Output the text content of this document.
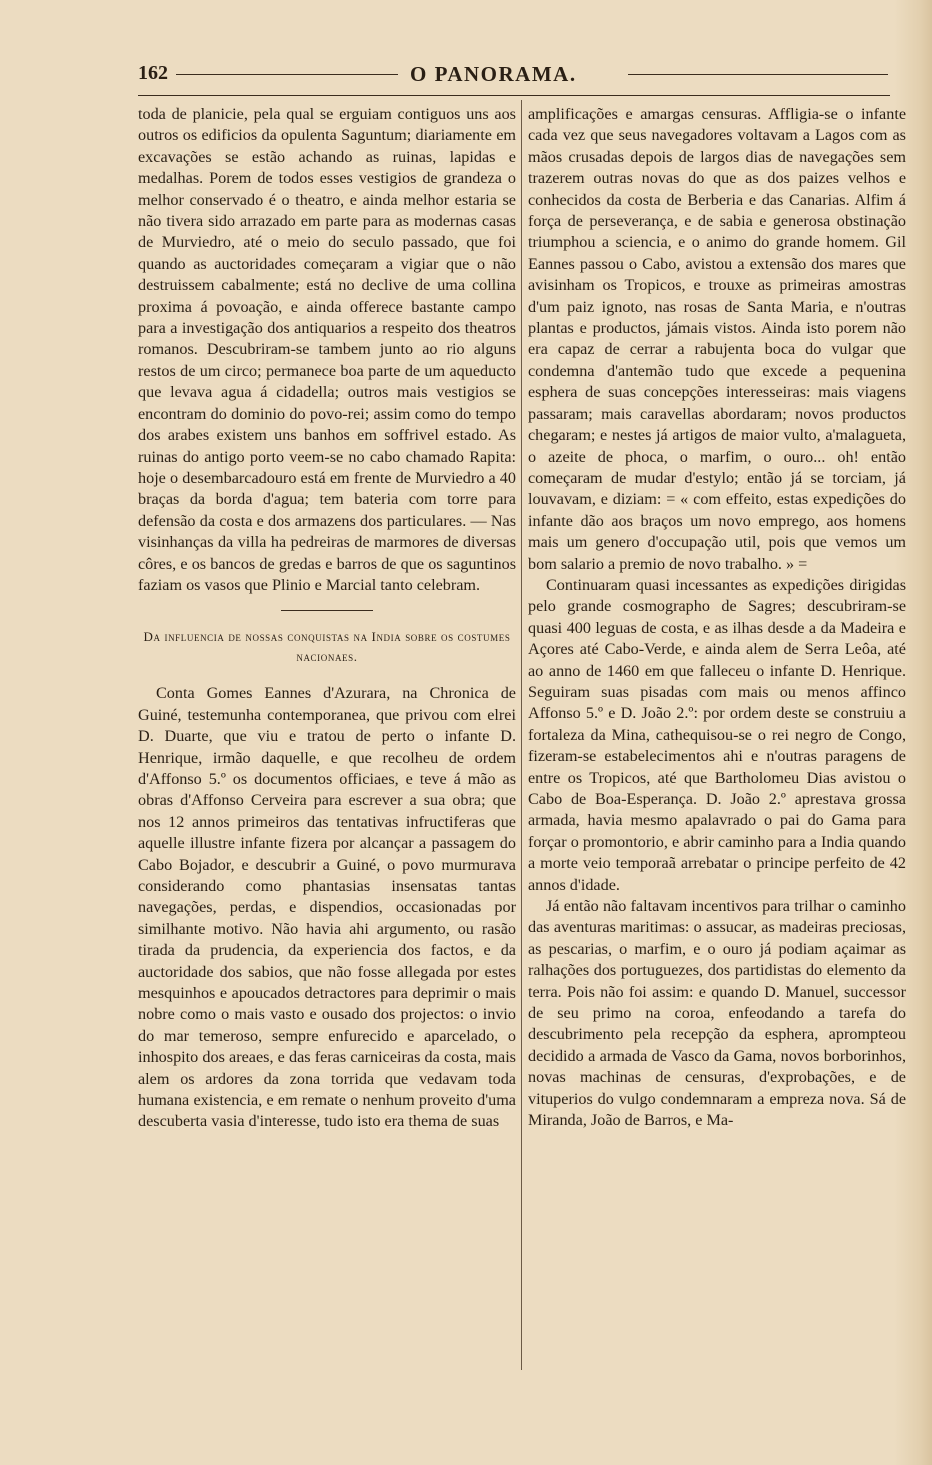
162	O PANORAMA.

toda de planicie, pela qual se erguiam contiguos uns aos outros os edificios da opulenta Saguntum; diariamente em excavações se estão achando as ruinas, lapidas e medalhas. Porem de todos esses vestigios de grandeza o melhor conservado é o theatro, e ainda melhor estaria se não tivera sido arrazado em parte para as modernas casas de Murviedro, até o meio do seculo passado, que foi quando as auctoridades começaram a vigiar que o não destruissem cabalmente; está no declive de uma collina proxima á povoação, e ainda offerece bastante campo para a investigação dos antiquarios a respeito dos theatros romanos. Descubriram-se tambem junto ao rio alguns restos de um circo; permanece boa parte de um aqueducto que levava agua á cidadella; outros mais vestigios se encontram do dominio do povo-rei; assim como do tempo dos arabes existem uns banhos em soffrivel estado. As ruinas do antigo porto veem-se no cabo chamado Rapita: hoje o desembarcadouro está em frente de Murviedro a 40 braças da borda d'agua; tem bateria com torre para defensão da costa e dos armazens dos particulares. — Nas visinhanças da villa ha pedreiras de marmores de diversas côres, e os bancos de gredas e barros de que os saguntinos faziam os vasos que Plinio e Marcial tanto celebram.

Da influencia de nossas conquistas na India sobre os costumes nacionaes.

Conta Gomes Eannes d'Azurara, na Chronica de Guiné, testemunha contemporanea, que privou com elrei D. Duarte, que viu e tratou de perto o infante D. Henrique, irmão daquelle, e que recolheu de ordem d'Affonso 5.º os documentos officiaes, e teve á mão as obras d'Affonso Cerveira para escrever a sua obra; que nos 12 annos primeiros das tentativas infructiferas que aquelle illustre infante fizera por alcançar a passagem do Cabo Bojador, e descubrir a Guiné, o povo murmurava considerando como phantasias insensatas tantas navegações, perdas, e dispendios, occasionadas por similhante motivo. Não havia ahi argumento, ou rasão tirada da prudencia, da experiencia dos factos, e da auctoridade dos sabios, que não fosse allegada por estes mesquinhos e apoucados detractores para deprimir o mais nobre como o mais vasto e ousado dos projectos: o invio do mar temeroso, sempre enfurecido e aparcelado, o inhospito dos areaes, e das feras carniceiras da costa, mais alem os ardores da zona torrida que vedavam toda humana existencia, e em remate o nenhum proveito d'uma descuberta vasia d'interesse, tudo isto era thema de suas

amplificações e amargas censuras. Affligia-se o infante cada vez que seus navegadores voltavam a Lagos com as mãos crusadas depois de largos dias de navegações sem trazerem outras novas do que as dos paizes velhos e conhecidos da costa de Berberia e das Canarias. Alfim á força de perseverança, e de sabia e generosa obstinação triumphou a sciencia, e o animo do grande homem. Gil Eannes passou o Cabo, avistou a extensão dos mares que avisinham os Tropicos, e trouxe as primeiras amostras d'um paiz ignoto, nas rosas de Santa Maria, e n'outras plantas e productos, jámais vistos. Ainda isto porem não era capaz de cerrar a rabujenta boca do vulgar que condemna d'antemão tudo que excede a pequenina esphera de suas concepções interesseiras: mais viagens passaram; mais caravellas abordaram; novos productos chegaram; e nestes já artigos de maior vulto, a'malagueta, o azeite de phoca, o marfim, o ouro... oh! então começaram de mudar d'estylo; então já se torciam, já louvavam, e diziam: = « com effeito, estas expedições do infante dão aos braços um novo emprego, aos homens mais um genero d'occupação util, pois que vemos um bom salario a premio de novo trabalho. » =

Continuaram quasi incessantes as expedições dirigidas pelo grande cosmographo de Sagres; descubriram-se quasi 400 leguas de costa, e as ilhas desde a da Madeira e Açores até Cabo-Verde, e ainda alem de Serra Leôa, até ao anno de 1460 em que falleceu o infante D. Henrique. Seguiram suas pisadas com mais ou menos affinco Affonso 5.º e D. João 2.º: por ordem deste se construiu a fortaleza da Mina, cathequisou-se o rei negro de Congo, fizeram-se estabelecimentos ahi e n'outras paragens de entre os Tropicos, até que Bartholomeu Dias avistou o Cabo de Boa-Esperança. D. João 2.º aprestava grossa armada, havia mesmo apalavrado o pai do Gama para forçar o promontorio, e abrir caminho para a India quando a morte veio temporaã arrebatar o principe perfeito de 42 annos d'idade.

Já então não faltavam incentivos para trilhar o caminho das aventuras maritimas: o assucar, as madeiras preciosas, as pescarias, o marfim, e o ouro já podiam açaimar as ralhações dos portuguezes, dos partidistas do elemento da terra. Pois não foi assim: e quando D. Manuel, successor de seu primo na coroa, enfeodando a tarefa do descubrimento pela recepção da esphera, aprompteou decidido a armada de Vasco da Gama, novos borborinhos, novas machinas de censuras, d'exprobações, e de vituperios do vulgo condemnaram a empreza nova. Sá de Miranda, João de Barros, e Ma-
